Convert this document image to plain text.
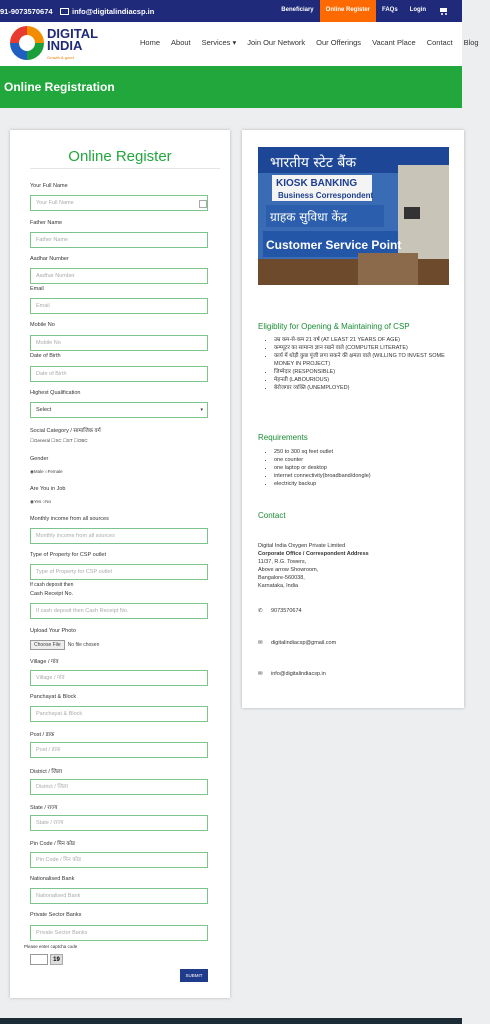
91-9073570674	info@digitalindiacsp.in	Beneficiary	Online Register	FAQs	Login
DIGITAL
INDIA
Growth & good
Home About Services ▾ Join Our Network Our Offerings Vacant Place Contact Blog
Online Registration
Online Register
Your Full Name
Your Full Name
Father Name
Father Name
Aadhar Number
Aadhar Number
Email
Email
Mobile No
Mobile No
Date of Birth
Date of Birth
Highest Qualification
Select	▾
Social Category / सामाजिक वर्ग
☐General ☐SC ☐ST ☐OBC
Gender
◉Male ○Female
Are You in Job
◉Yes ○No
Monthly income from all sources
Monthly income from all sources
Type of Property for CSP outlet
Type of Property for CSP outlet
If cash deposit then
Cash Receipt No.
If cash deposit then Cash Receipt No.
Upload Your Photo
Choose File No file chosen
Village / गांव
Village / गांव
Panchayat & Block
Panchayat & Block
Post / डाक
Post / डाक
District / जिला
District / जिला
State / राज्य
State / राज्य
Pin Code / पिन कोड
Pin Code / पिन कोड
Nationalised Bank
Nationalised Bank
Private Sector Banks
Private Sector Banks
Please enter captcha code
19
SUBMIT
भारतीय स्टेट बैंक
KIOSK BANKING
Business Correspondent
ग्राहक सुविधा केंद्र
Customer Service Point
Eligiblity for Opening & Maintaining of CSP
• उम्र कम-से-कम 21 वर्ष (AT LEAST 21 YEARS OF AGE)
• कम्प्यूटर का सामान्य ज्ञान रखने वाले (COMPUTER LITERATE)
• कार्य में थोड़ी कुछ पूंजी लगा सकने की क्षमता वाले (WILLING TO INVEST SOME MONEY IN PROJECT)
• जिम्मेदार (RESPONSIBLE)
• मेहनती (LABOURIOUS)
• बेरोजगार व्यक्ति (UNEMPLOYED)
Requirements
• 250 to 300 sq feet outlet
• one counter
• one laptop or desktop
• internet connectivity(broadband/dongle)
• electricity backup
Contact
Digital India Oxygen Private Limited
Corporate Office / Correspondent Address
11/37, R.G. Towers,
Above arrow Showroom,
Bangalore-560038,
Karnataka, India
✆ 9073570674
✉ digitalindiacsp@gmail.com
✉ info@digitalindiacsp.in
